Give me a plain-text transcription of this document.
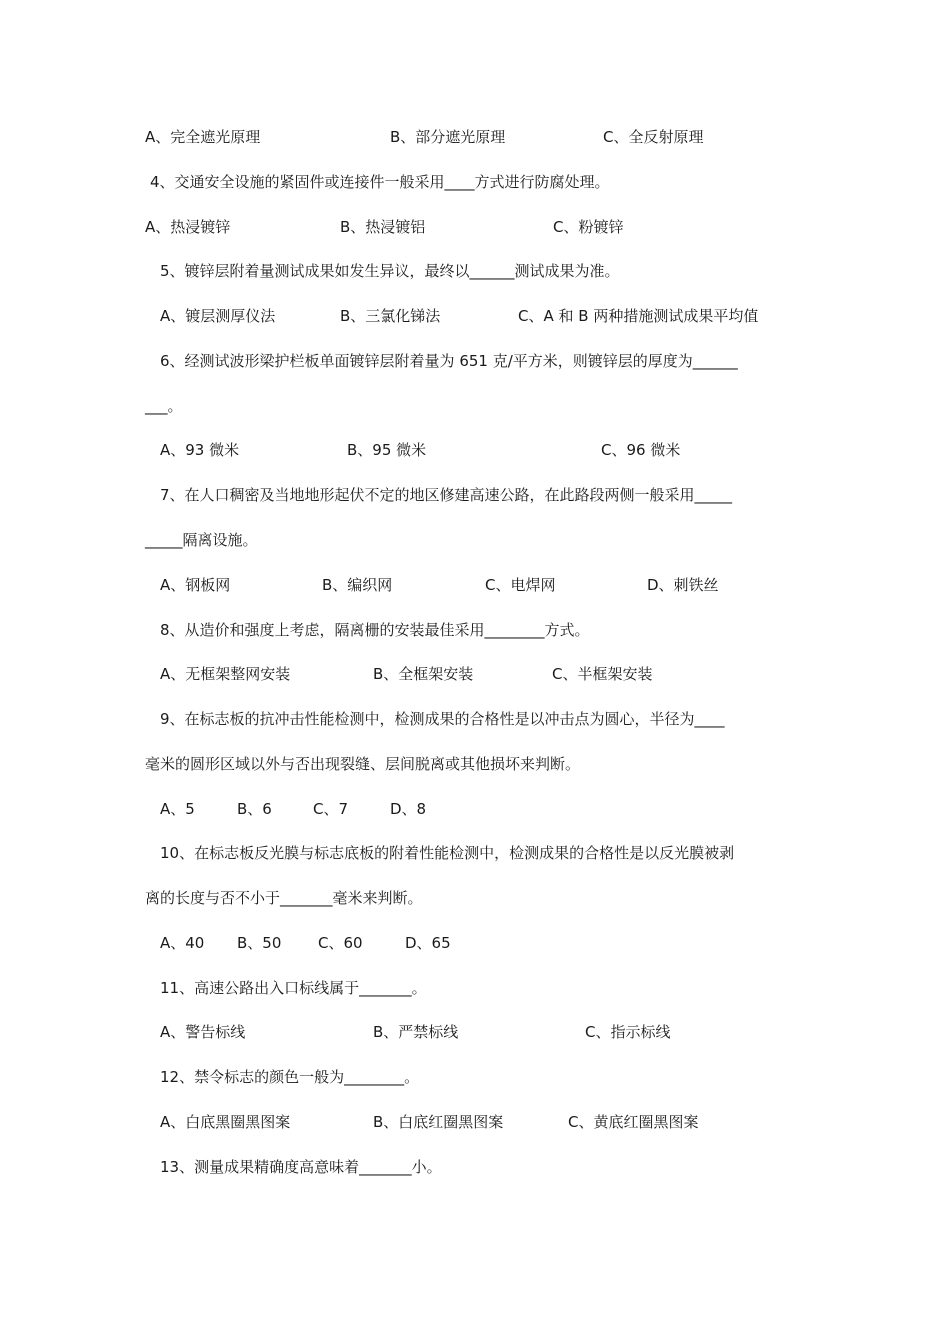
A、完全遮光原理	B、部分遮光原理	C、全反射原理
4、交通安全设施的紧固件或连接件一般采用____方式进行防腐处理。
A、热浸镀锌	B、热浸镀铝	C、粉镀锌
5、镀锌层附着量测试成果如发生异议，最终以______测试成果为准。
A、镀层测厚仪法	B、三氯化锑法	C、A 和 B 两种措施测试成果平均值
6、经测试波形梁护栏板单面镀锌层附着量为 651 克/平方米，则镀锌层的厚度为______
___。
A、93 微米	B、95 微米	C、96 微米
7、在人口稠密及当地地形起伏不定的地区修建高速公路，在此路段两侧一般采用_____
_____隔离设施。
A、钢板网	B、编织网	C、电焊网	D、刺铁丝
8、从造价和强度上考虑，隔离栅的安装最佳采用________方式。
A、无框架整网安装	B、全框架安装	C、半框架安装
9、在标志板的抗冲击性能检测中，检测成果的合格性是以冲击点为圆心，半径为____
毫米的圆形区域以外与否出现裂缝、层间脱离或其他损坏来判断。
A、5	B、6	C、7	D、8
10、在标志板反光膜与标志底板的附着性能检测中，检测成果的合格性是以反光膜被剥
离的长度与否不小于_______毫米来判断。
A、40 B、50 C、60	D、65
11、高速公路出入口标线属于_______。
A、警告标线	B、严禁标线	C、指示标线
12、禁令标志的颜色一般为________。
A、白底黑圈黑图案	B、白底红圈黑图案	C、黄底红圈黑图案
13、测量成果精确度高意味着_______小。
